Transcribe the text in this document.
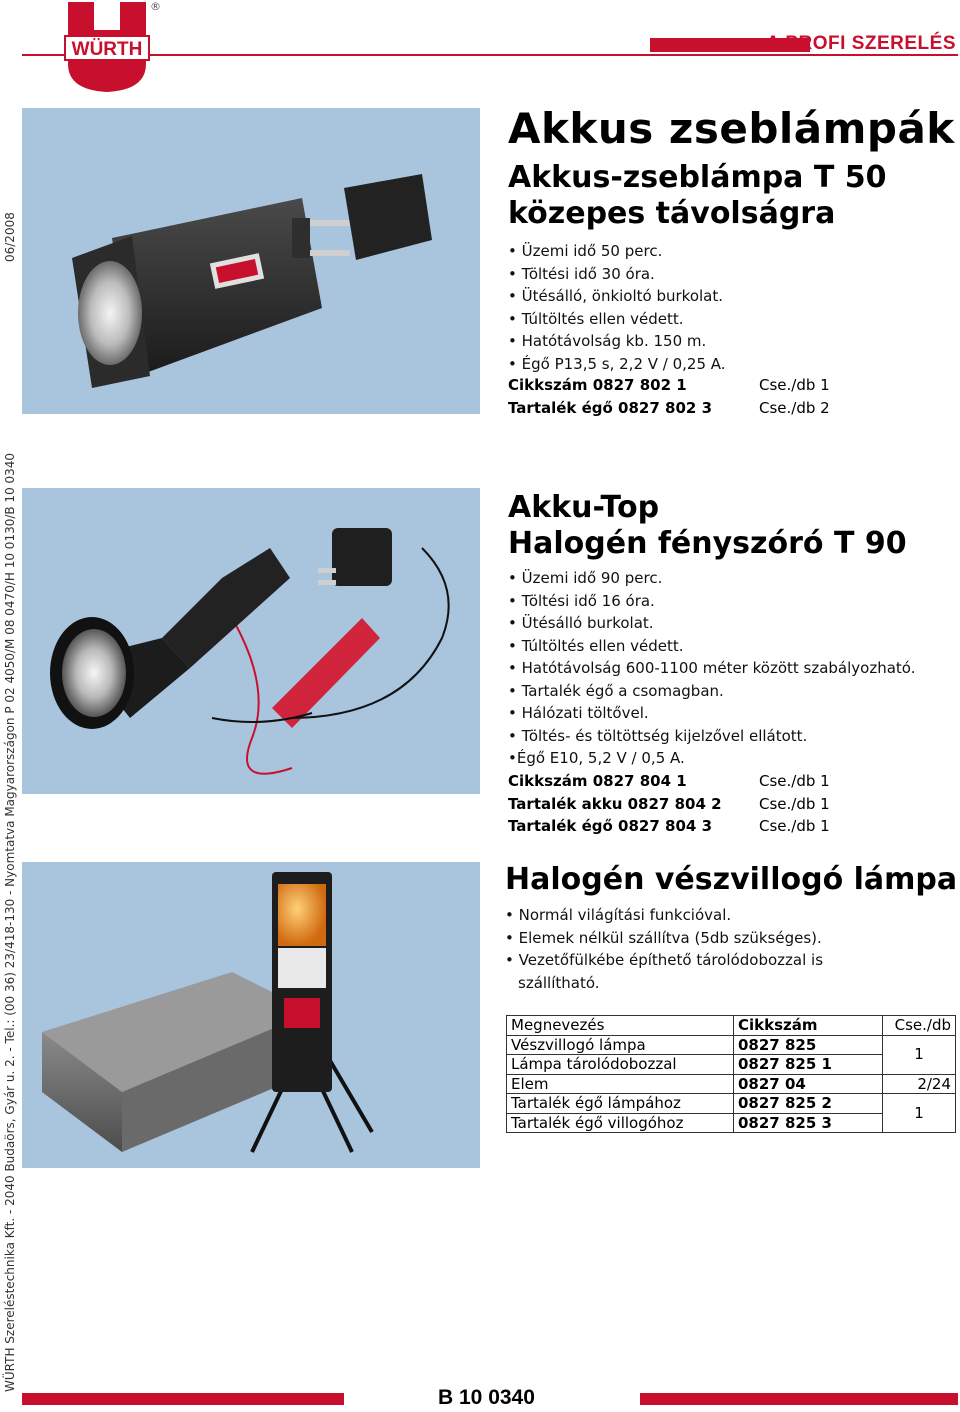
A PROFI SZERELÉS
WÜRTH
®
06/2008
WÜRTH Szereléstechnika Kft. - 2040 Budaörs, Gyár u. 2. - Tel.: (00 36) 23/418-130 - Nyomtatva Magyarországon P 02 4050/M 08 0470/H 10 0130/B 10 0340
Akkus zseblámpák
Akkus-zseblámpa T 50
közepes távolságra
• Üzemi idő 50 perc.
• Töltési idő 30 óra.
• Ütésálló, önkioltó burkolat.
• Túltöltés ellen védett.
• Hatótávolság kb. 150 m.
• Égő P13,5 s, 2,2 V / 0,25 A.
Cikkszám 0827 802 1	Cse./db 1
Tartalék égő 0827 802 3	Cse./db 2
Akku-Top
Halogén fényszóró T 90
• Üzemi idő 90 perc.
• Töltési idő 16 óra.
• Ütésálló burkolat.
• Túltöltés ellen védett.
• Hatótávolság 600-1100 méter között szabályozható.
• Tartalék égő a csomagban.
• Hálózati töltővel.
• Töltés- és töltöttség kijelzővel ellátott.
• Égő E10, 5,2 V / 0,5 A.
Cikkszám 0827 804 1	Cse./db 1
Tartalék akku 0827 804 2	Cse./db 1
Tartalék égő 0827 804 3	Cse./db 1
Halogén vészvillogó lámpa
• Normál világítási funkcióval.
• Elemek nélkül szállítva (5db szükséges).
• Vezetőfülkébe építhető tárolódobozzal is
szállítható.
Megnevezés	Cikkszám	Cse./db
Vészvillogó lámpa	0827 825	1
Lámpa tárolódobozzal	0827 825 1	
Elem	0827 04	2/24
Tartalék égő lámpához	0827 825 2	1
Tartalék égő villogóhoz	0827 825 3	
B 10 0340
